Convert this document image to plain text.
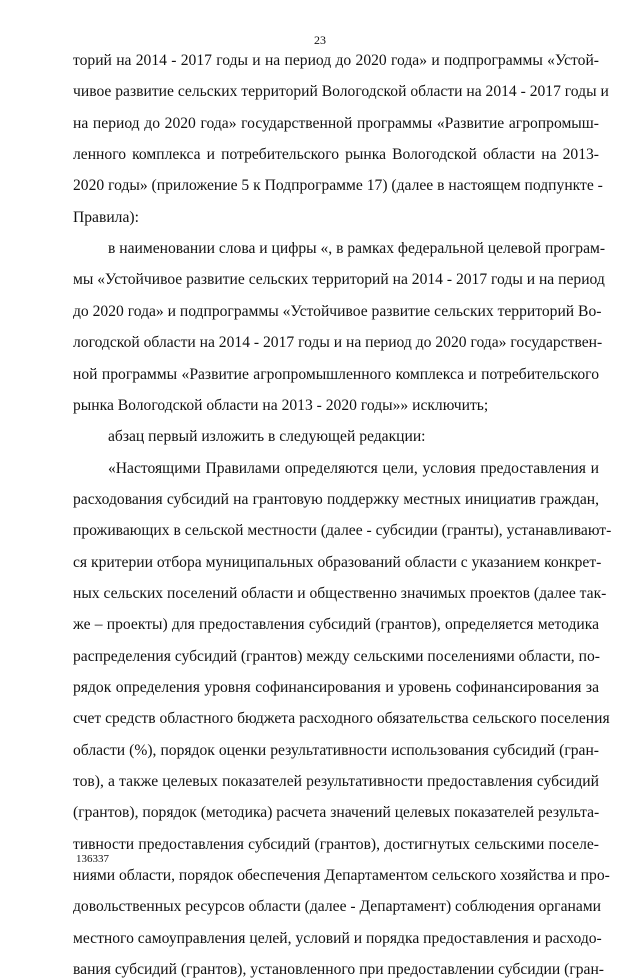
23
торий на 2014 - 2017 годы и на период до 2020 года» и подпрограммы «Устой-
чивое развитие сельских территорий Вологодской области на 2014 - 2017 годы и
на период до 2020 года» государственной программы «Развитие агропромыш-
ленного комплекса и потребительского рынка Вологодской области на 2013-
2020 годы» (приложение 5 к Подпрограмме 17) (далее в настоящем подпункте -
Правила):
в наименовании слова и цифры «, в рамках федеральной целевой програм-
мы «Устойчивое развитие сельских территорий на 2014 - 2017 годы и на период
до 2020 года» и подпрограммы «Устойчивое развитие сельских территорий Во-
логодской области на 2014 - 2017 годы и на период до 2020 года» государствен-
ной программы «Развитие агропромышленного комплекса и потребительского
рынка Вологодской области на 2013 - 2020 годы»» исключить;
абзац первый изложить в следующей редакции:
«Настоящими Правилами определяются цели, условия предоставления и
расходования субсидий на грантовую поддержку местных инициатив граждан,
проживающих в сельской местности (далее - субсидии (гранты), устанавливают-
ся критерии отбора муниципальных образований области с указанием конкрет-
ных сельских поселений области и общественно значимых проектов (далее так-
же – проекты) для предоставления субсидий (грантов), определяется методика
распределения субсидий (грантов) между сельскими поселениями области, по-
рядок определения уровня софинансирования и уровень софинансирования за
счет средств областного бюджета расходного обязательства сельского поселения
области (%), порядок оценки результативности использования субсидий (гран-
тов), а также целевых показателей результативности предоставления субсидий
(грантов), порядок (методика) расчета значений целевых показателей результа-
тивности предоставления субсидий (грантов), достигнутых сельскими поселе-
ниями области, порядок обеспечения Департаментом сельского хозяйства и про-
довольственных ресурсов области (далее - Департамент) соблюдения органами
местного самоуправления целей, условий и порядка предоставления и расходо-
вания субсидий (грантов), установленного при предоставлении субсидии (гран-
136337
